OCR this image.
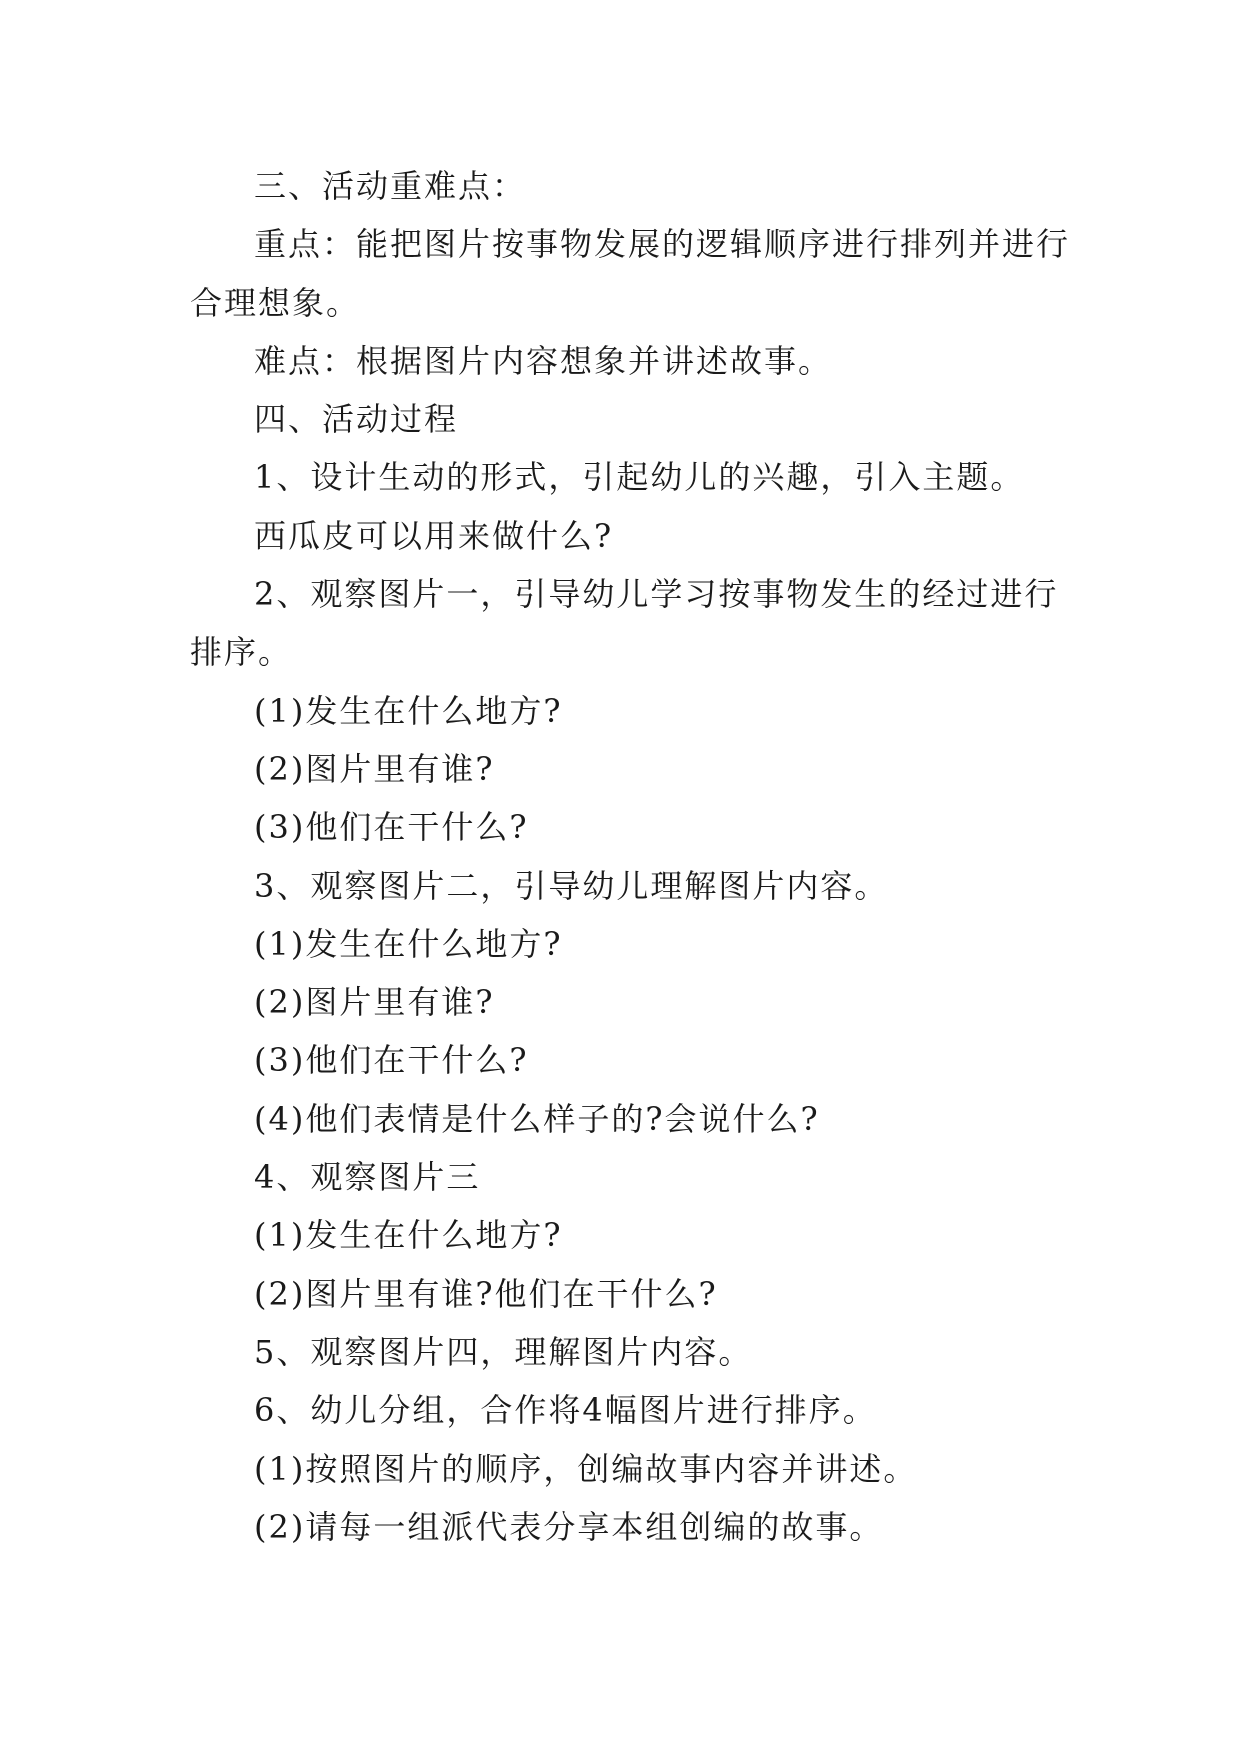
三、活动重难点：

重点：能把图片按事物发展的逻辑顺序进行排列并进行合理想象。

难点：根据图片内容想象并讲述故事。

四、活动过程

1、设计生动的形式，引起幼儿的兴趣，引入主题。

西瓜皮可以用来做什么?

2、观察图片一，引导幼儿学习按事物发生的经过进行排序。

(1)发生在什么地方?

(2)图片里有谁?

(3)他们在干什么?

3、观察图片二，引导幼儿理解图片内容。

(1)发生在什么地方?

(2)图片里有谁?

(3)他们在干什么?

(4)他们表情是什么样子的?会说什么?

4、观察图片三

(1)发生在什么地方?

(2)图片里有谁?他们在干什么?

5、观察图片四，理解图片内容。

6、幼儿分组，合作将4幅图片进行排序。

(1)按照图片的顺序，创编故事内容并讲述。

(2)请每一组派代表分享本组创编的故事。
